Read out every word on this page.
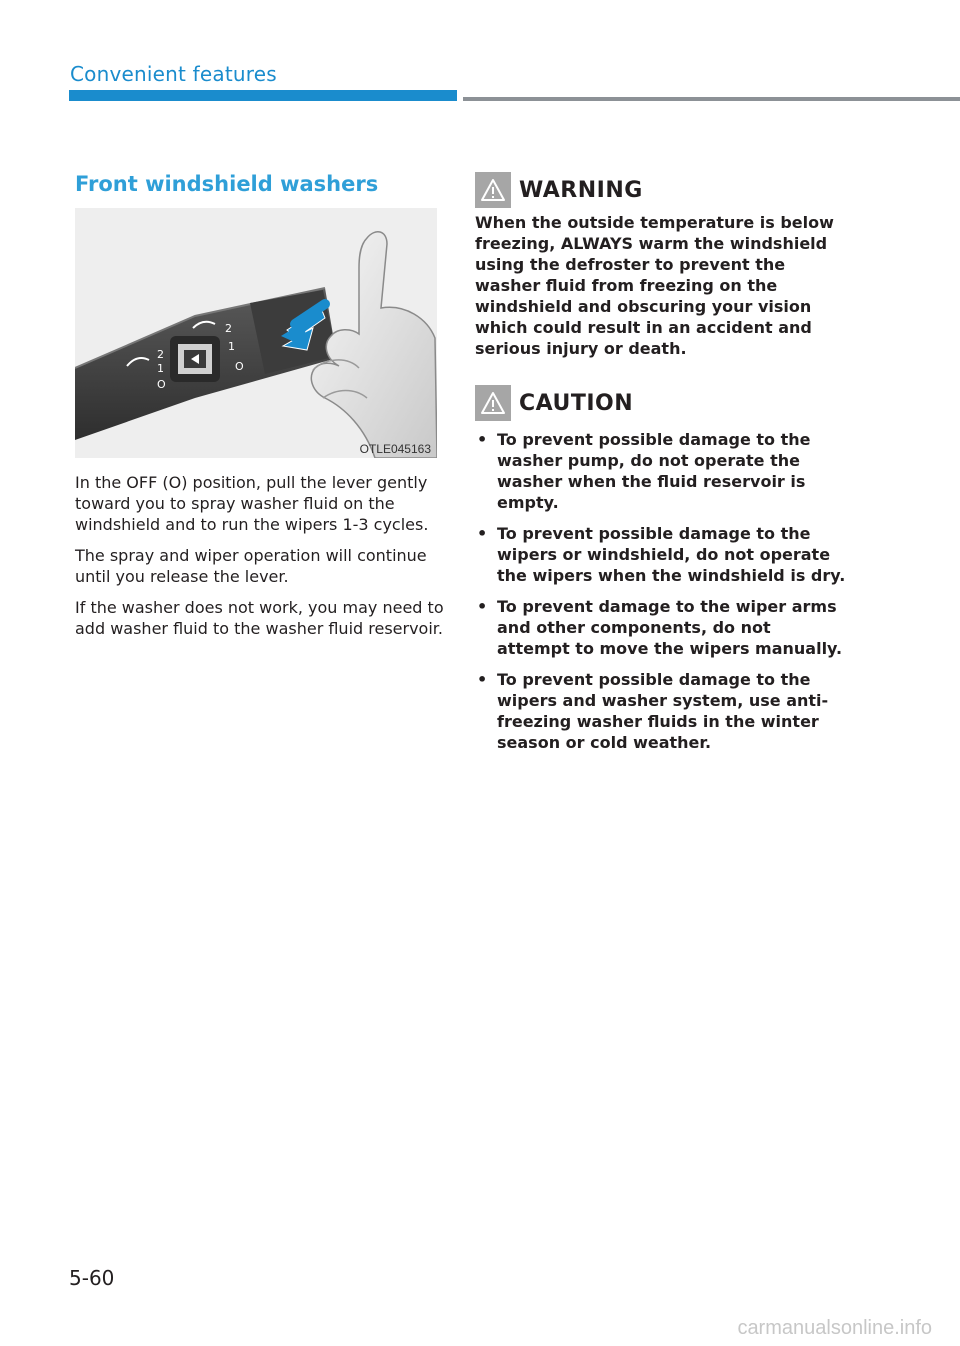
Convenient features
Front windshield washers
2
1
O
2
1
O
OTLE045163

In the OFF (O) position, pull the lever gently toward you to spray washer fluid on the windshield and to run the wipers 1-3 cycles.

The spray and wiper operation will continue until you release the lever.

If the washer does not work, you may need to add washer fluid to the washer fluid reservoir.

WARNING

When the outside temperature is below freezing, ALWAYS warm the windshield using the defroster to prevent the washer fluid from freezing on the windshield and obscuring your vision which could result in an accident and serious injury or death.

CAUTION
• To prevent possible damage to the washer pump, do not operate the washer when the fluid reservoir is empty.
• To prevent possible damage to the wipers or windshield, do not operate the wipers when the windshield is dry.
• To prevent damage to the wiper arms and other components, do not attempt to move the wipers manually.
• To prevent possible damage to the wipers and washer system, use anti-freezing washer fluids in the winter season or cold weather.
5-60
carmanualsonline.info
